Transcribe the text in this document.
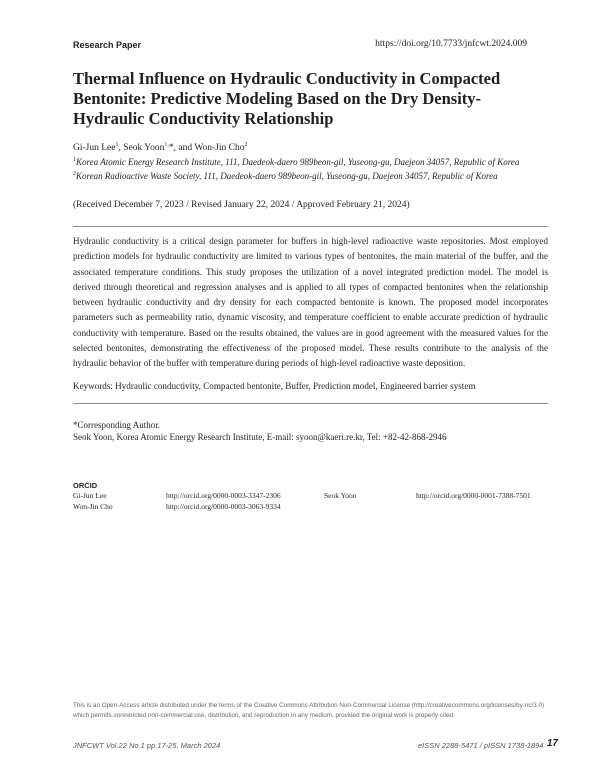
Research Paper	https://doi.org/10.7733/jnfcwt.2024.009
Thermal Influence on Hydraulic Conductivity in Compacted Bentonite: Predictive Modeling Based on the Dry Density-Hydraulic Conductivity Relationship
Gi-Jun Lee$^1$, Seok Yoon$^{1,}$*, and Won-Jin Cho$^2$
$^1$Korea Atomic Energy Research Institute, 111, Daedeok-daero 989beon-gil, Yuseong-gu, Daejeon 34057, Republic of Korea
$^2$Korean Radioactive Waste Society, 111, Daedeok-daero 989beon-gil, Yuseong-gu, Daejeon 34057, Republic of Korea
(Received December 7, 2023 / Revised January 22, 2024 / Approved February 21, 2024)
Hydraulic conductivity is a critical design parameter for buffers in high-level radioactive waste repositories. Most employed prediction models for hydraulic conductivity are limited to various types of bentonites, the main material of the buffer, and the associated temperature conditions. This study proposes the utilization of a novel integrated prediction model. The model is derived through theoretical and regression analyses and is applied to all types of compacted bentonites when the relationship between hydraulic conductivity and dry density for each compacted bentonite is known. The proposed model incorporates parameters such as permeability ratio, dynamic viscosity, and temperature coefficient to enable accurate prediction of hydraulic conductivity with temperature. Based on the results obtained, the values are in good agreement with the measured values for the selected bentonites, demonstrating the effectiveness of the proposed model. These results contribute to the analysis of the hydraulic behavior of the buffer with temperature during periods of high-level radioactive waste deposition.
Keywords: Hydraulic conductivity, Compacted bentonite, Buffer, Prediction model, Engineered barrier system
*Corresponding Author.
Seok Yoon, Korea Atomic Energy Research Institute, E-mail: syoon@kaeri.re.kr, Tel: +82-42-868-2946
ORCID
Gi-Jun Lee	http://orcid.org/0000-0003-3347-2306	Seok Yoon	http://orcid.org/0000-0001-7388-7501
Won-Jin Cho	http://orcid.org/0000-0003-3063-9334
This is an Open-Access article distributed under the terms of the Creative Commons Attribution Non-Commercial License (http://creativecommons.org/licenses/by-nc/3.0) which permits unrestricted non-commercial use, distribution, and reproduction in any medium, provided the original work is properly cited
JNFCWT Vol.22 No.1 pp.17-25, March 2024	eISSN 2288-5471 / pISSN 1738-1894 17
